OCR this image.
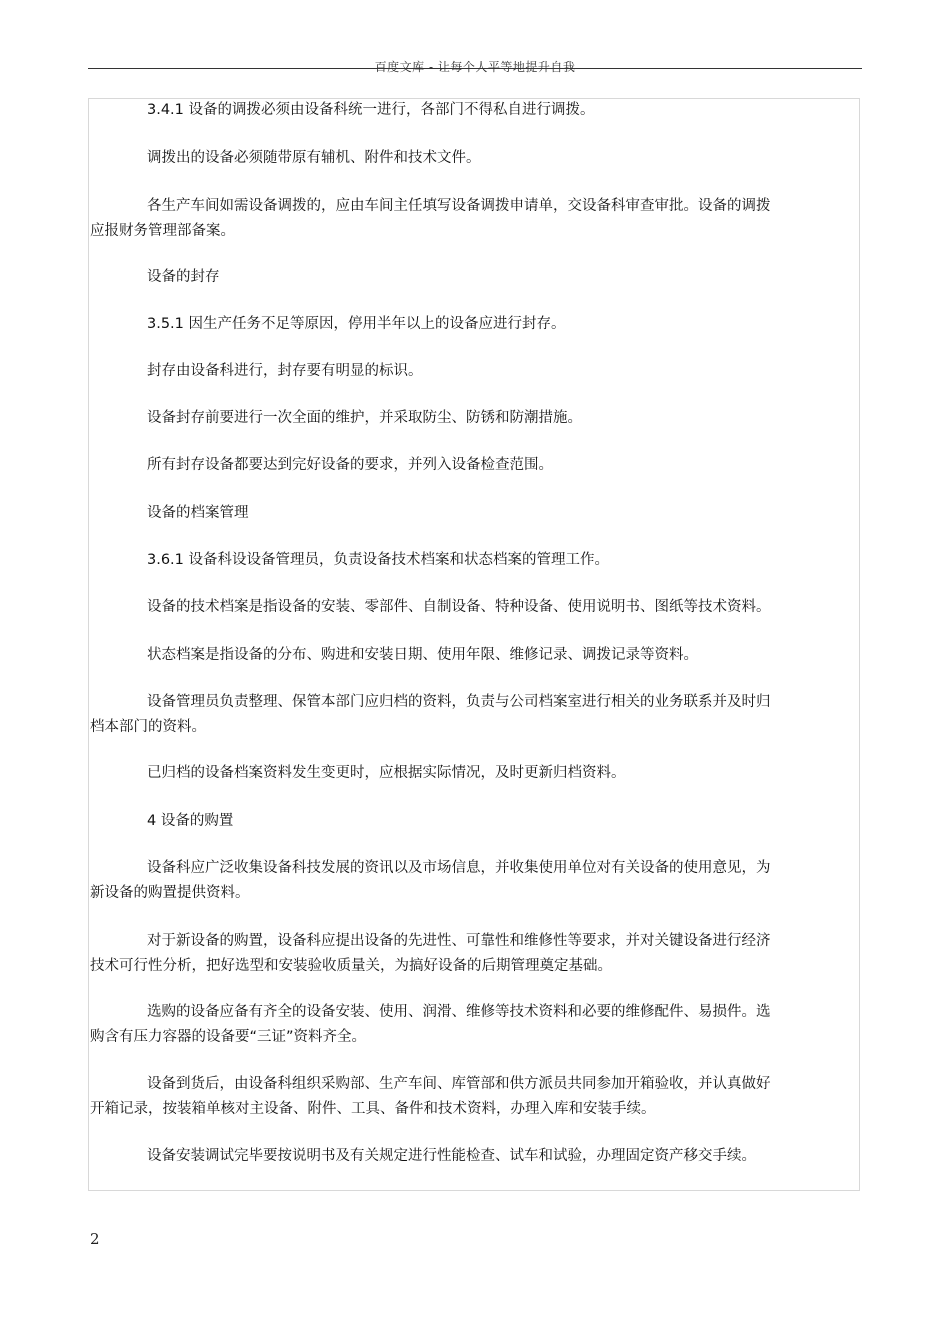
百度文库 - 让每个人平等地提升自我

3.4.1 设备的调拨必须由设备科统一进行，各部门不得私自进行调拨。

调拨出的设备必须随带原有辅机、附件和技术文件。

各生产车间如需设备调拨的，应由车间主任填写设备调拨申请单，交设备科审查审批。设备的调拨
应报财务管理部备案。

设备的封存

3.5.1 因生产任务不足等原因，停用半年以上的设备应进行封存。

封存由设备科进行，封存要有明显的标识。

设备封存前要进行一次全面的维护，并采取防尘、防锈和防潮措施。

所有封存设备都要达到完好设备的要求，并列入设备检查范围。

设备的档案管理

3.6.1 设备科设设备管理员，负责设备技术档案和状态档案的管理工作。

设备的技术档案是指设备的安装、零部件、自制设备、特种设备、使用说明书、图纸等技术资料。

状态档案是指设备的分布、购进和安装日期、使用年限、维修记录、调拨记录等资料。

设备管理员负责整理、保管本部门应归档的资料，负责与公司档案室进行相关的业务联系并及时归
档本部门的资料。

已归档的设备档案资料发生变更时，应根据实际情况，及时更新归档资料。

4 设备的购置

设备科应广泛收集设备科技发展的资讯以及市场信息，并收集使用单位对有关设备的使用意见，为
新设备的购置提供资料。

对于新设备的购置，设备科应提出设备的先进性、可靠性和维修性等要求，并对关键设备进行经济
技术可行性分析，把好选型和安装验收质量关，为搞好设备的后期管理奠定基础。

选购的设备应备有齐全的设备安装、使用、润滑、维修等技术资料和必要的维修配件、易损件。选
购含有压力容器的设备要“三证”资料齐全。

设备到货后，由设备科组织采购部、生产车间、库管部和供方派员共同参加开箱验收，并认真做好
开箱记录，按装箱单核对主设备、附件、工具、备件和技术资料，办理入库和安装手续。

设备安装调试完毕要按说明书及有关规定进行性能检查、试车和试验，办理固定资产移交手续。

2
